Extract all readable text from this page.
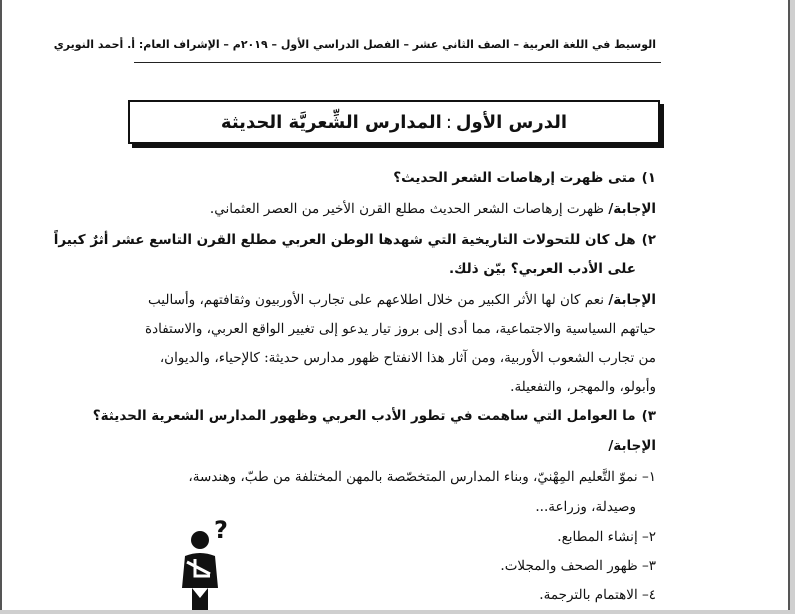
الوسيط في اللغة العربية – الصف الثاني عشر – الفصل الدراسي الأول – ٢٠١٩م – الإشراف العام: أ. أحمد النويري
الدرس الأول
:
المدارس الشِّعريَّة الحديثة
١)متى ظهرت إرهاصات الشعر الحديث؟
الإجابة/ ظهرت إرهاصات الشعر الحديث مطلع القرن الأخير من العصر العثماني.
٢)هل كان للتحولات التاريخية التي شهدها الوطن العربي مطلع القرن التاسع عشر أثرٌ كبيراً
على الأدب العربي؟ بيّن ذلك.
الإجابة/ نعم كان لها الأثر الكبير من خلال اطلاعهم على تجارب الأوربيون وثقافتهم، وأساليب
حياتهم السياسية والاجتماعية، مما أدى إلى بروز تيار يدعو إلى تغيير الواقع العربي، والاستفادة
من تجارب الشعوب الأوربية، ومن آثار هذا الانفتاح ظهور مدارس حديثة: كالإحياء، والديوان،
وأبولو، والمهجر، والتفعيلة.
٣)ما العوامل التي ساهمت في تطور الأدب العربي وظهور المدارس الشعرية الحديثة؟
الإجابة/
١– نموّ التَّعليم المِهْنيّ، وبناء المدارس المتخصّصة بالمهن المختلفة من طبّ، وهندسة،
وصيدلة، وزراعة...
٢– إنشاء المطابع.
٣– ظهور الصحف والمجلات.
٤– الاهتمام بالترجمة.
?
